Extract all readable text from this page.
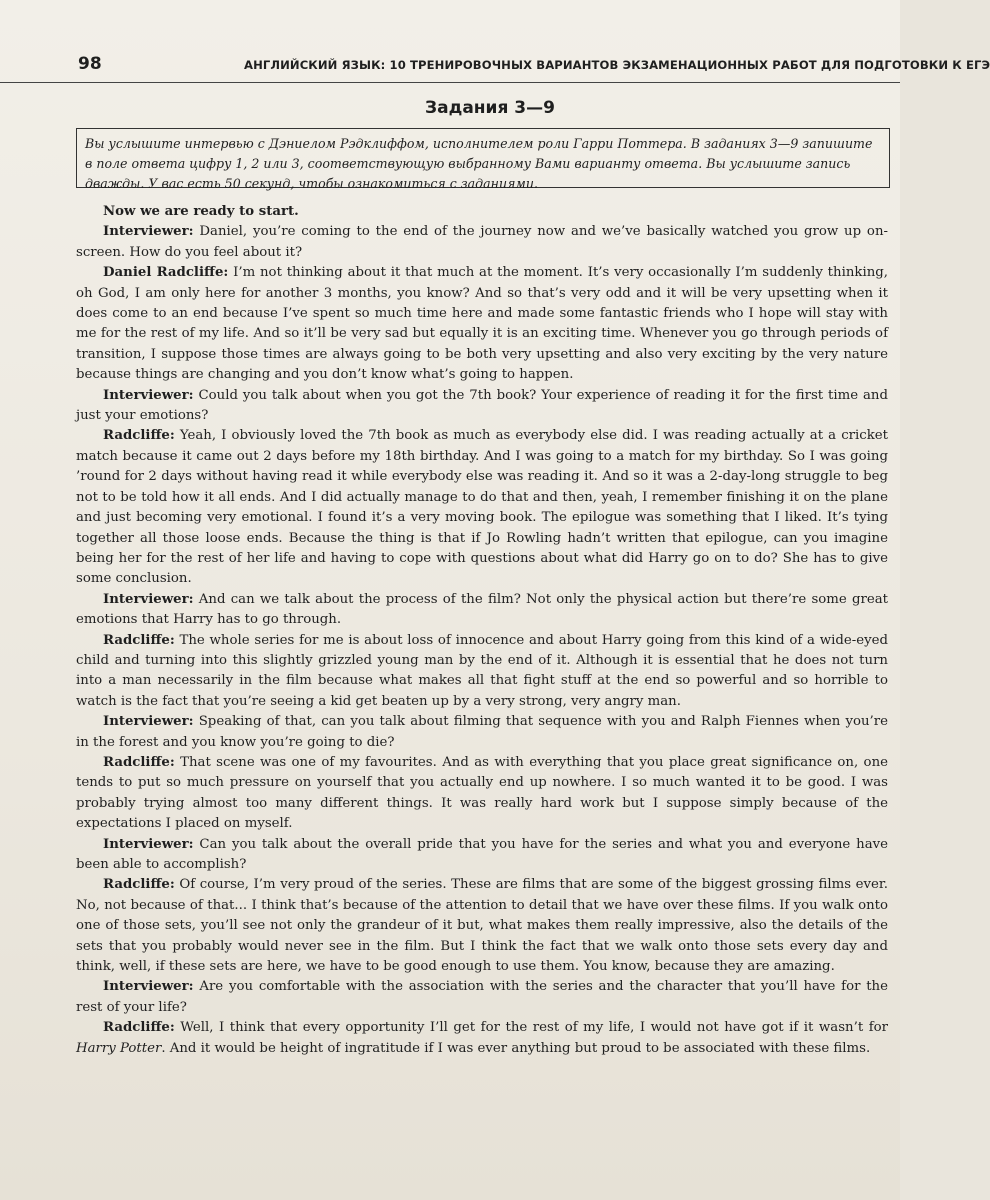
98	АНГЛИЙСКИЙ ЯЗЫК: 10 ТРЕНИРОВОЧНЫХ ВАРИАНТОВ ЭКЗАМЕНАЦИОННЫХ РАБОТ ДЛЯ ПОДГОТОВКИ К ЕГЭ
Задания 3—9
Вы услышите интервью с Дэниелом Рэдклиффом, исполнителем роли Гарри Поттера. В заданиях 3—9 запишите в поле ответа цифру 1, 2 или 3, соответствующую выбранному Вами варианту ответа. Вы услышите запись дважды. У вас есть 50 секунд, чтобы ознакомиться с заданиями.

Now we are ready to start.

Interviewer: Daniel, you’re coming to the end of the journey now and we’ve basically watched you grow up on-screen. How do you feel about it?

Daniel Radcliffe: I’m not thinking about it that much at the moment. It’s very occasionally I’m suddenly thinking, oh God, I am only here for another 3 months, you know? And so that’s very odd and it will be very upsetting when it does come to an end because I’ve spent so much time here and made some fantastic friends who I hope will stay with me for the rest of my life. And so it’ll be very sad but equally it is an exciting time. Whenever you go through periods of transition, I suppose those times are always going to be both very upsetting and also very exciting by the very nature because things are changing and you don’t know what’s going to happen.

Interviewer: Could you talk about when you got the 7th book? Your experience of reading it for the first time and just your emotions?

Radcliffe: Yeah, I obviously loved the 7th book as much as everybody else did. I was reading actually at a cricket match because it came out 2 days before my 18th birthday. And I was going to a match for my birthday. So I was going ’round for 2 days without having read it while everybody else was reading it. And so it was a 2-day-long struggle to beg not to be told how it all ends. And I did actually manage to do that and then, yeah, I remember finishing it on the plane and just becoming very emotional. I found it’s a very moving book. The epilogue was something that I liked. It’s tying together all those loose ends. Because the thing is that if Jo Rowling hadn’t written that epilogue, can you imagine being her for the rest of her life and having to cope with questions about what did Harry go on to do? She has to give some conclusion.

Interviewer: And can we talk about the process of the film? Not only the physical action but there’re some great emotions that Harry has to go through.

Radcliffe: The whole series for me is about loss of innocence and about Harry going from this kind of a wide-eyed child and turning into this slightly grizzled young man by the end of it. Although it is essential that he does not turn into a man necessarily in the film because what makes all that fight stuff at the end so powerful and so horrible to watch is the fact that you’re seeing a kid get beaten up by a very strong, very angry man.

Interviewer: Speaking of that, can you talk about filming that sequence with you and Ralph Fiennes when you’re in the forest and you know you’re going to die?

Radcliffe: That scene was one of my favourites. And as with everything that you place great significance on, one tends to put so much pressure on yourself that you actually end up nowhere. I so much wanted it to be good. I was probably trying almost too many different things. It was really hard work but I suppose simply because of the expectations I placed on myself.

Interviewer: Can you talk about the overall pride that you have for the series and what you and everyone have been able to accomplish?

Radcliffe: Of course, I’m very proud of the series. These are films that are some of the biggest grossing films ever. No, not because of that... I think that’s because of the attention to detail that we have over these films. If you walk onto one of those sets, you’ll see not only the grandeur of it but, what makes them really impressive, also the details of the sets that you probably would never see in the film. But I think the fact that we walk onto those sets every day and think, well, if these sets are here, we have to be good enough to use them. You know, because they are amazing.

Interviewer: Are you comfortable with the association with the series and the character that you’ll have for the rest of your life?

Radcliffe: Well, I think that every opportunity I’ll get for the rest of my life, I would not have got if it wasn’t for Harry Potter. And it would be height of ingratitude if I was ever anything but proud to be associated with these films.
